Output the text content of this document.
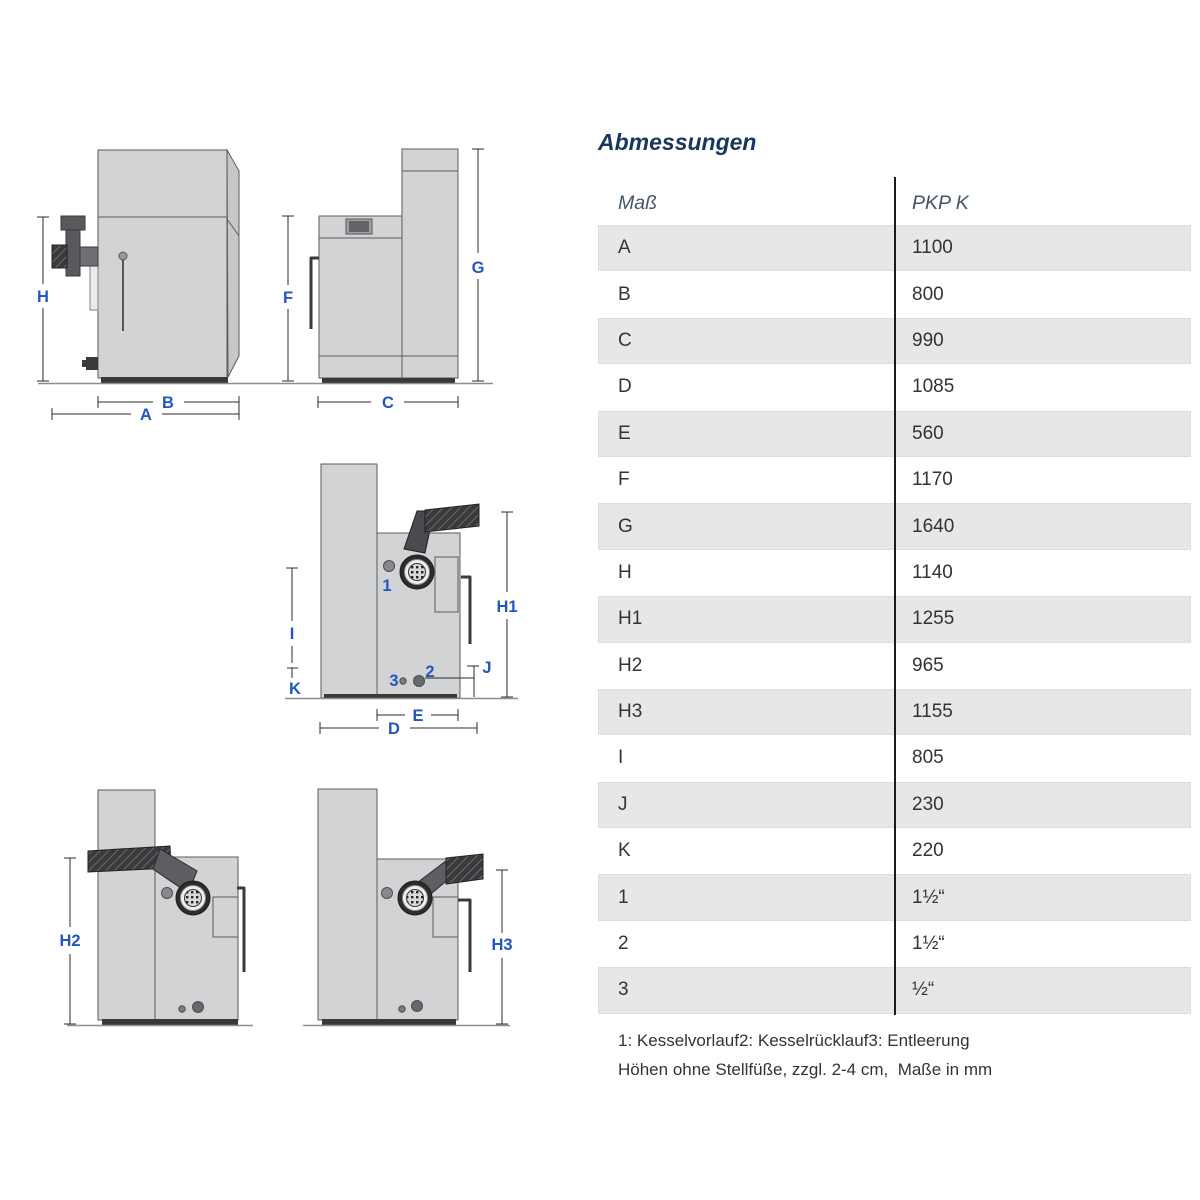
H
B
A
F
G
C
1
2
3
H1
I
K
J
E
D
H2	H3
Abmessungen
Maß	PKP K
A	1100
B	800
C	990
D	1085
E	560
F	1170
G	1640
H	1140
H1	1255
H2	965
H3	1155
I	805
J	230
K	220
1	1½“
2	1½“
3	½“
1: Kesselvorlauf2: Kesselrücklauf3: Entleerung
Höhen ohne Stellfüße, zzgl. 2-4 cm,  Maße in mm
